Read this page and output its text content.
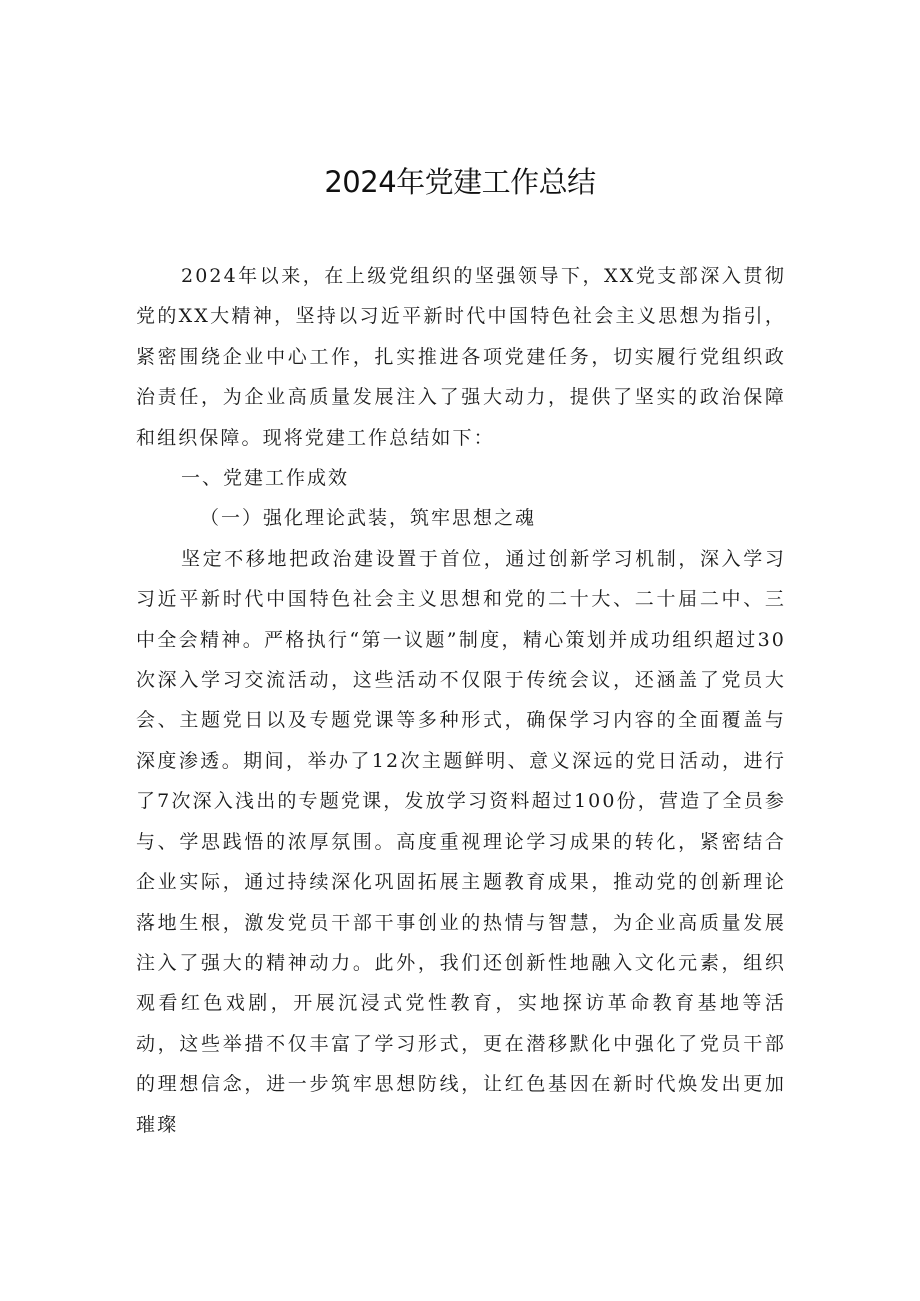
2024年党建工作总结

2024年以来，在上级党组织的坚强领导下，XX党支部深入贯彻党的XX大精神，坚持以习近平新时代中国特色社会主义思想为指引，紧密围绕企业中心工作，扎实推进各项党建任务，切实履行党组织政治责任，为企业高质量发展注入了强大动力，提供了坚实的政治保障和组织保障。现将党建工作总结如下：

一、党建工作成效

（一）强化理论武装，筑牢思想之魂

坚定不移地把政治建设置于首位，通过创新学习机制，深入学习习近平新时代中国特色社会主义思想和党的二十大、二十届二中、三中全会精神。严格执行“第一议题”制度，精心策划并成功组织超过30次深入学习交流活动，这些活动不仅限于传统会议，还涵盖了党员大会、主题党日以及专题党课等多种形式，确保学习内容的全面覆盖与深度渗透。期间，举办了12次主题鲜明、意义深远的党日活动，进行了7次深入浅出的专题党课，发放学习资料超过100份，营造了全员参与、学思践悟的浓厚氛围。高度重视理论学习成果的转化，紧密结合企业实际，通过持续深化巩固拓展主题教育成果，推动党的创新理论落地生根，激发党员干部干事创业的热情与智慧，为企业高质量发展注入了强大的精神动力。此外，我们还创新性地融入文化元素，组织观看红色戏剧，开展沉浸式党性教育，实地探访革命教育基地等活动，这些举措不仅丰富了学习形式，更在潜移默化中强化了党员干部的理想信念，进一步筑牢思想防线，让红色基因在新时代焕发出更加璀璨
